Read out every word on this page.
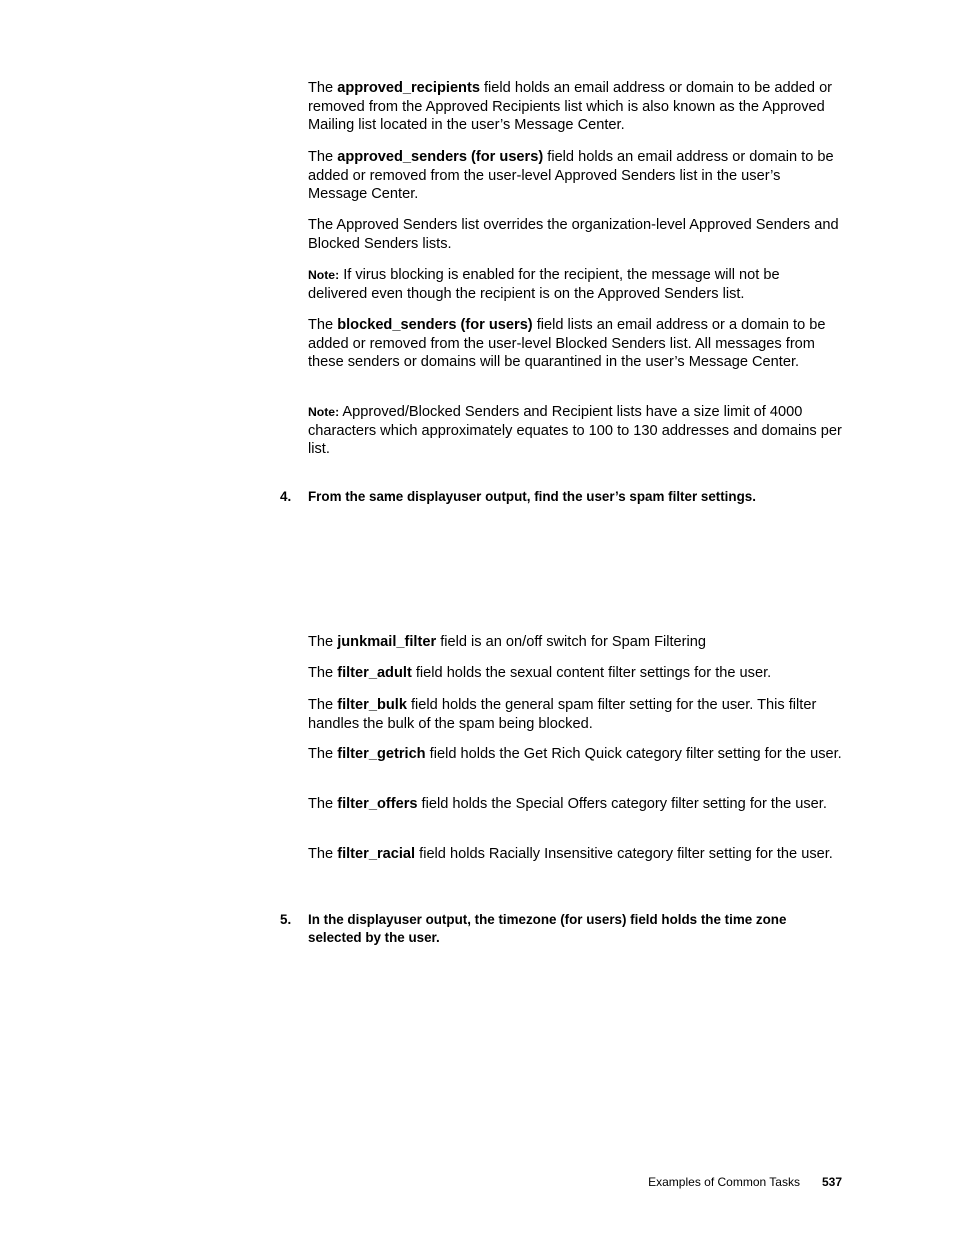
The approved_recipients field holds an email address or domain to be added or removed from the Approved Recipients list which is also known as the Approved Mailing list located in the user’s Message Center.

The approved_senders (for users) field holds an email address or domain to be added or removed from the user-level Approved Senders list in the user’s Message Center.

The Approved Senders list overrides the organization-level Approved Senders and Blocked Senders lists.

Note: If virus blocking is enabled for the recipient, the message will not be delivered even though the recipient is on the Approved Senders list.

The blocked_senders (for users) field lists an email address or a domain to be added or removed from the user-level Blocked Senders list. All messages from these senders or domains will be quarantined in the user’s Message Center.

Note: Approved/Blocked Senders and Recipient lists have a size limit of 4000 characters which approximately equates to 100 to 130 addresses and domains per list.

4. From the same displayuser output, find the user’s spam filter settings.

The junkmail_filter field is an on/off switch for Spam Filtering

The filter_adult field holds the sexual content filter settings for the user.

The filter_bulk field holds the general spam filter setting for the user. This filter handles the bulk of the spam being blocked.

The filter_getrich field holds the Get Rich Quick category filter setting for the user.

The filter_offers field holds the Special Offers category filter setting for the user.

The filter_racial field holds Racially Insensitive category filter setting for the user.

5. In the displayuser output, the timezone (for users) field holds the time zone selected by the user.
Examples of Common Tasks 537
